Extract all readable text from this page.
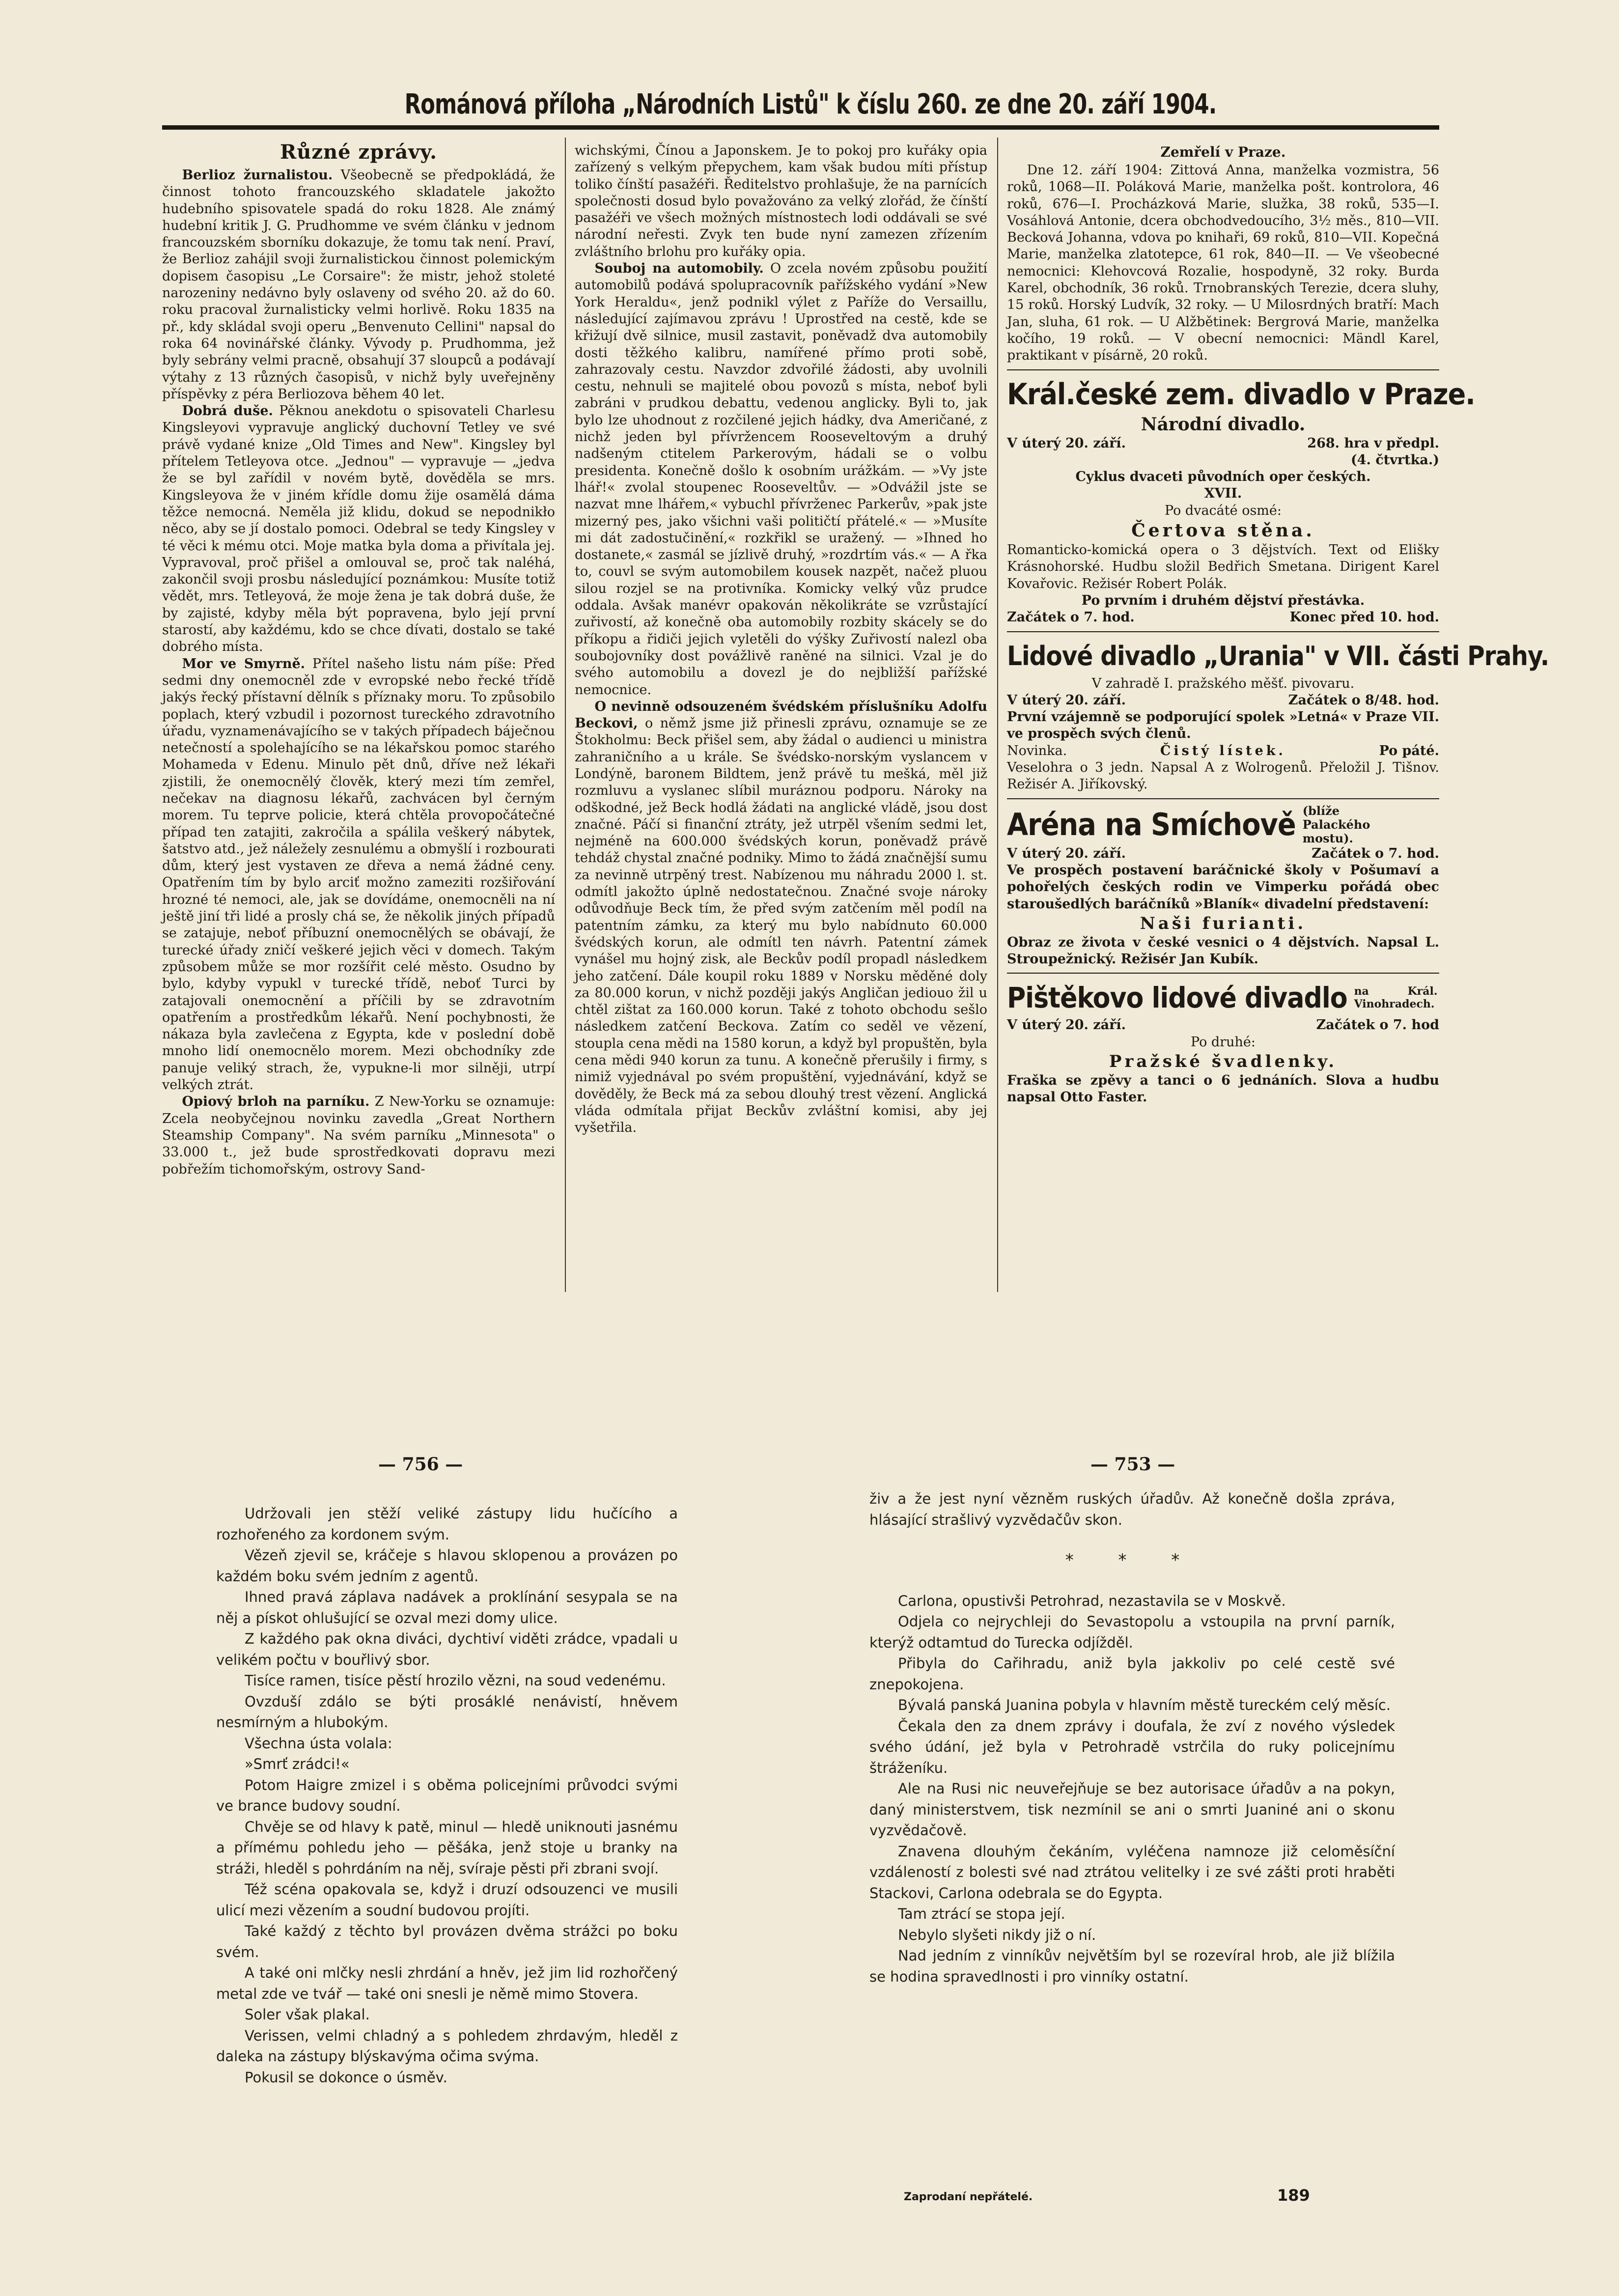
Románová příloha „Národních Listů" k číslu 260. ze dne 20. září 1904.
Různé zprávy.

Berlioz žurnalistou. Všeobecně se předpokládá, že činnost tohoto francouzského skladatele jakožto hudebního spisovatele spadá do roku 1828. Ale známý hudební kritik J. G. Prudhomme ve svém článku v jednom francouzském sborníku dokazuje, že tomu tak není. Praví, že Berlioz zahájil svoji žurnalistickou činnost polemickým dopisem časopisu „Le Corsaire": že mistr, jehož stoleté narozeniny nedávno byly oslaveny od svého 20. až do 60. roku pracoval žurnalisticky velmi horlivě. Roku 1835 na př., kdy skládal svoji operu „Benvenuto Cellini" napsal do roka 64 novinářské články. Vývody p. Prudhomma, jež byly sebrány velmi pracně, obsahují 37 sloupců a podávají výtahy z 13 různých časopisů, v nichž byly uveřejněny příspěvky z péra Berliozova během 40 let.

Dobrá duše. Pěknou anekdotu o spisovateli Charlesu Kingsleyovi vypravuje anglický duchovní Tetley ve své právě vydané knize „Old Times and New". Kingsley byl přítelem Tetleyova otce. „Jednou" — vypravuje — „jedva že se byl zařídil v novém bytě, dověděla se mrs. Kingsleyova že v jiném křídle domu žije osamělá dáma těžce nemocná. Neměla již klidu, dokud se nepodnikło něco, aby se jí dostalo pomoci. Odebral se tedy Kingsley v té věci k mému otci. Moje matka byla doma a přivítala jej. Vypravoval, proč přišel a omlouval se, proč tak naléhá, zakončil svoji prosbu následující poznámkou: Musíte totiž vědět, mrs. Tetleyová, že moje žena je tak dobrá duše, že by zajisté, kdyby měla být popravena, bylo její první starostí, aby každému, kdo se chce dívati, dostalo se také dobrého místa.

Mor ve Smyrně. Přítel našeho listu nám píše: Před sedmi dny onemocněl zde v evropské nebo řecké třídě jakýs řecký přístavní dělník s příznaky moru. To způsobilo poplach, který vzbudil i pozornost tureckého zdravotního úřadu, vyznamenávajícího se v takých případech báječnou netečností a spolehajícího se na lékařskou pomoc starého Mohameda v Edenu. Minulo pět dnů, dříve než lékaři zjistili, že onemocnělý člověk, který mezi tím zemřel, nečekav na diagnosu lékařů, zachvácen byl černým morem. Tu teprve policie, která chtěla provopočátečné případ ten zatajiti, zakročila a spálila veškerý nábytek, šatstvo atd., jež náležely zesnulému a obmyšlí i rozbourati dům, který jest vystaven ze dřeva a nemá žádné ceny. Opatřením tím by bylo arciť možno zameziti rozšiřování hrozné té nemoci, ale, jak se dovídáme, onemocněli na ní ještě jiní tři lidé a prosly chá se, že několik jiných případů se zatajuje, neboť příbuzní onemocnělých se obávají, že turecké úřady zničí veškeré jejich věci v domech. Takým způsobem může se mor rozšířit celé město. Osudno by bylo, kdyby vypukl v turecké třídě, neboť Turci by zatajovali onemocnění a příčili by se zdravotním opatřením a prostředkům lékařů. Není pochybnosti, že nákaza byla zavlečena z Egypta, kde v poslední době mnoho lidí onemocnělo morem. Mezi obchodníky zde panuje veliký strach, že, vypukne-li mor silněji, utrpí velkých ztrát.

Opiový brloh na parníku. Z New-Yorku se oznamuje: Zcela neobyčejnou novinku zavedla „Great Northern Steamship Company". Na svém parníku „Minnesota" o 33.000 t., jež bude sprostředkovati dopravu mezi pobřežím tichomořským, ostrovy Sand-

wichskými, Čínou a Japonskem. Je to pokoj pro kuřáky opia zařízený s velkým přepychem, kam však budou míti přístup toliko čínští pasažéři. Ředitelstvo prohlašuje, že na parnících společnosti dosud bylo považováno za velký zlořád, že čínští pasažéři ve všech možných místnostech lodi oddávali se své národní neřesti. Zvyk ten bude nyní zamezen zřízením zvláštního brlohu pro kuřáky opia.

Souboj na automobily. O zcela novém způsobu použití automobilů podává spolupracovník pařížského vydání »New York Heraldu«, jenž podnikl výlet z Paříže do Versaillu, následující zajímavou zprávu ! Uprostřed na cestě, kde se křižují dvě silnice, musil zastavit, poněvadž dva automobily dosti těžkého kalibru, namířené přímo proti sobě, zahrazovaly cestu. Navzdor zdvořilé žádosti, aby uvolnili cestu, nehnuli se majitelé obou povozů s místa, neboť byli zabráni v prudkou debattu, vedenou anglicky. Byli to, jak bylo lze uhodnout z rozčilené jejich hádky, dva Američané, z nichž jeden byl přívržencem Rooseveltovým a druhý nadšeným ctitelem Parkerovým, hádali se o volbu presidenta. Konečně došlo k osobním urážkám. — »Vy jste lhář!« zvolal stoupenec Rooseveltův. — »Odvážil jste se nazvat mne lhářem,« vybuchl přívrženec Parkerův, »pak jste mizerný pes, jako všichni vaši političtí přátelé.« — »Musíte mi dát zadostučinění,« rozkřikl se uražený. — »Ihned ho dostanete,« zasmál se jízlivě druhý, »rozdrtím vás.« — A řka to, couvl se svým automobilem kousek nazpět, načež pluou silou rozjel se na protivníka. Komicky velký vůz prudce oddala. Avšak manévr opakován několikráte se vzrůstající zuřivostí, až konečně oba automobily rozbity skácely se do příkopu a řidiči jejich vyletěli do výšky Zuřivostí nalezl oba soubojovníky dost povážlivě raněné na silnici. Vzal je do svého automobilu a dovezl je do nejbližší pařížské nemocnice.

O nevinně odsouzeném švédském příslušníku Adolfu Beckovi, o němž jsme již přinesli zprávu, oznamuje se ze Štokholmu: Beck přišel sem, aby žádal o audienci u ministra zahraničního a u krále. Se švédsko-norským vyslancem v Londýně, baronem Bildtem, jenž právě tu mešká, měl již rozmluvu a vyslanec slíbil muráznou podporu. Nároky na odškodné, jež Beck hodlá žádati na anglické vládě, jsou dost značné. Páčí si finanční ztráty, jež utrpěl všením sedmi let, nejméně na 600.000 švédských korun, poněvadž právě tehdáž chystal značné podniky. Mimo to žádá značnější sumu za nevinně utrpěný trest. Nabízenou mu náhradu 2000 l. st. odmítl jakožto úplně nedostatečnou. Značné svoje nároky odůvodňuje Beck tím, že před svým zatčením měl podíl na patentním zámku, za který mu bylo nabídnuto 60.000 švédských korun, ale odmítl ten návrh. Patentní zámek vynášel mu hojný zisk, ale Beckův podíl propadl následkem jeho zatčení. Dále koupil roku 1889 v Norsku měděné doly za 80.000 korun, v nichž později jakýs Angličan jediouo žil u chtěl zištat za 160.000 korun. Také z tohoto obchodu sešlo následkem zatčení Beckova. Zatím co seděl ve vězení, stoupla cena mědi na 1580 korun, a když byl propuštěn, byla cena mědi 940 korun za tunu. A konečně přerušily i firmy, s nimiž vyjednával po svém propuštění, vyjednávání, když se dověděly, že Beck má za sebou dlouhý trest vězení. Anglická vláda odmítala přijat Beckův zvláštní komisi, aby jej vyšetřila.

Zemřelí v Praze.

Dne 12. září 1904: Zittová Anna, manželka vozmistra, 56 roků, 1068—II. Poláková Marie, manželka pošt. kontrolora, 46 roků, 676—I. Procházková Marie, služka, 38 roků, 535—I. Vosáhlová Antonie, dcera obchodvedoucího, 3½ měs., 810—VII. Becková Johanna, vdova po knihaři, 69 roků, 810—VII. Kopečná Marie, manželka zlatotepce, 61 rok, 840—II. — Ve všeobecné nemocnici: Klehovcová Rozalie, hospodyně, 32 roky. Burda Karel, obchodník, 36 roků. Trnobranských Terezie, dcera sluhy, 15 roků. Horský Ludvík, 32 roky. — U Milosrdných bratří: Mach Jan, sluha, 61 rok. — U Alžbětinek: Bergrová Marie, manželka kočího, 19 roků. — V obecní nemocnici: Mändl Karel, praktikant v písárně, 20 roků.

Král.české zem. divadlo v Praze.
Národní divadlo.
V úterý 20. září.	268. hra v předpl.
(4. čtvrtka.)
Cyklus dvaceti původních oper českých.
XVII.
Po dvacáté osmé:
Čertova stěna.

Romanticko-komická opera o 3 dějstvích. Text od Elišky Krásnohorské. Hudbu složil Bedřich Smetana. Dirigent Karel Kovařovic. Režisér Robert Polák.

Po prvním i druhém dějství přestávka.
Začátek o 7. hod.	Konec před 10. hod.
Lidové divadlo „Urania" v VII. části Prahy.
V zahradě I. pražského měšť. pivovaru.
V úterý 20. září.	Začátek o 8/48. hod.

První vzájemně se podporující spolek »Letná« v Praze VII. ve prospěch svých členů.

Novinka.	Čistý lístek.	Po páté.

Veselohra o 3 jedn. Napsal A z Wolrogenů. Přeložil J. Tišnov. Režisér A. Jiříkovský.

Aréna na Smíchově (blíže Palackého mostu).
V úterý 20. září.	Začátek o 7. hod.

Ve prospěch postavení baráčnické školy v Pošumaví a pohořelých českých rodin ve Vimperku pořádá obec staroušedlých baráčníků »Blaník« divadelní představení:

Naši furianti.

Obraz ze života v české vesnici o 4 dějstvích. Napsal L. Stroupežnický. Režisér Jan Kubík.

Pištěkovo lidové divadlo na Král. Vinohradech.
V úterý 20. září.	Začátek o 7. hod
Po druhé:
Pražské švadlenky.

Fraška se zpěvy a tanci o 6 jednáních. Slova a hudbu napsal Otto Faster.

— 756 —	— 753 —

Udržovali jen stěží veliké zástupy lidu hučícího a rozhořeného za kordonem svým.

Vězeň zjevil se, kráčeje s hlavou sklopenou a provázen po každém boku svém jedním z agentů.

Ihned pravá záplava nadávek a proklínání sesypala se na něj a pískot ohlušující se ozval mezi domy ulice.

Z každého pak okna diváci, dychtiví viděti zrádce, vpadali u velikém počtu v bouřlivý sbor.

Tisíce ramen, tisíce pěstí hrozilo vězni, na soud vedenému.

Ovzduší zdálo se býti prosáklé nenávistí, hněvem nesmírným a hlubokým.

Všechna ústa volala:

»Smrť zrádci!«

Potom Haigre zmizel i s oběma policejními průvodci svými ve brance budovy soudní.

Chvěje se od hlavy k patě, minul — hledě uniknouti jasnému a přímému pohledu jeho — pěšáka, jenž stoje u branky na stráži, hleděl s pohrdáním na něj, svíraje pěsti při zbrani svojí.

Též scéna opakovala se, když i druzí odsouzenci ve musili ulicí mezi vězením a soudní budovou projíti.

Také každý z těchto byl provázen dvěma strážci po boku svém.

A také oni mlčky nesli zhrdání a hněv, jež jim lid rozhořčený metal zde ve tvář — také oni snesli je němě mimo Stovera.

Soler však plakal.

Verissen, velmi chladný a s pohledem zhrdavým, hleděl z daleka na zástupy blýskavýma očima svýma.

Pokusil se dokonce o úsměv.

živ a že jest nyní vězněm ruských úřadův. Až konečně došla zpráva, hlásající strašlivý vyzvědačův skon.

* * *

Carlona, opustivši Petrohrad, nezastavila se v Moskvě.

Odjela co nejrychleji do Sevastopolu a vstoupila na první parník, kterýž odtamtud do Turecka odjížděl.

Přibyla do Cařihradu, aniž byla jakkoliv po celé cestě své znepokojena.

Bývalá panská Juanina pobyla v hlavním městě tureckém celý měsíc.

Čekala den za dnem zprávy i doufala, že zví z nového výsledek svého údání, jež byla v Petrohradě vstrčila do ruky policejnímu štráženíku.

Ale na Rusi nic neuveřejňuje se bez autorisace úřadův a na pokyn, daný ministerstvem, tisk nezmínil se ani o smrti Juaniné ani o skonu vyzvědačově.

Znavena dlouhým čekáním, vyléčena namnoze již celoměsíční vzdáleností z bolesti své nad ztrátou velitelky i ze své zášti proti hraběti Stackovi, Carlona odebrala se do Egypta.

Tam ztrácí se stopa její.

Nebylo slyšeti nikdy již o ní.

Nad jedním z vinníkův největším byl se rozevíral hrob, ale již blížila se hodina spravedlnosti i pro vinníky ostatní.

Zaprodaní nepřátelé.	189
